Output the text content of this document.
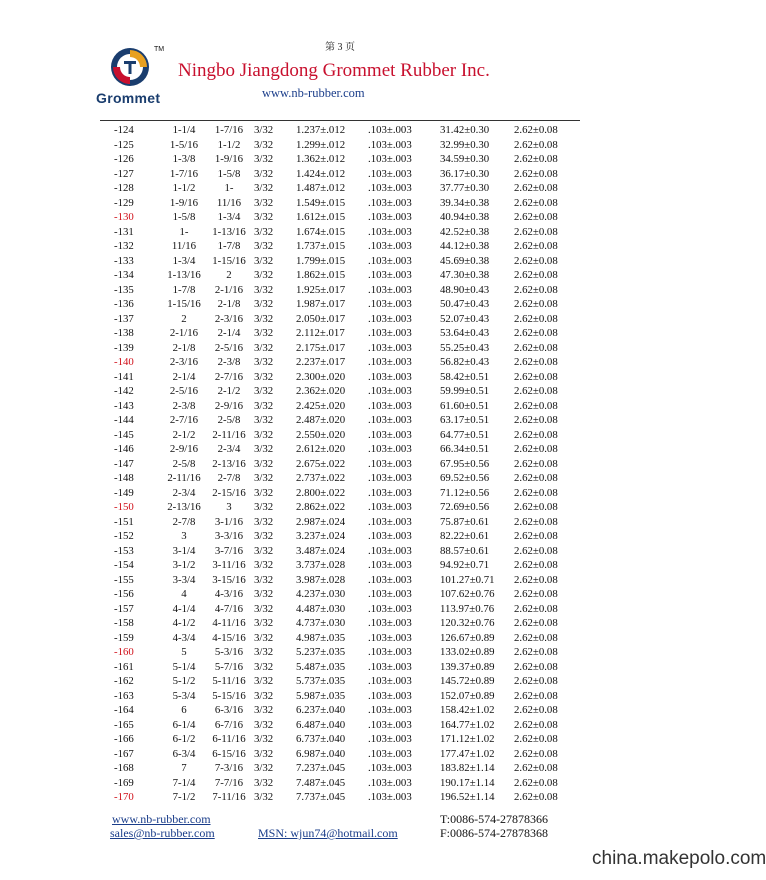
第 3 页
TM
Grommet
Ningbo Jiangdong Grommet Rubber Inc.
www.nb-rubber.com
-124	1-1/4	1-7/16	3/32 1.237±.012 .103±.003	31.42±0.30 2.62±0.08
-125	1-5/16	1-1/2	3/32 1.299±.012 .103±.003	32.99±0.30 2.62±0.08
-126	1-3/8	1-9/16	3/32 1.362±.012 .103±.003	34.59±0.30 2.62±0.08
-127	1-7/16	1-5/8	3/32 1.424±.012 .103±.003	36.17±0.30 2.62±0.08
-128	1-1/2	1-	3/32 1.487±.012 .103±.003	37.77±0.30 2.62±0.08
-129	1-9/16	11/16	3/32 1.549±.015 .103±.003	39.34±0.38 2.62±0.08
-130	1-5/8	1-3/4	3/32 1.612±.015 .103±.003	40.94±0.38 2.62±0.08
-131	1-	1-13/16 3/32 1.674±.015 .103±.003	42.52±0.38 2.62±0.08
-132	11/16	1-7/8	3/32 1.737±.015 .103±.003	44.12±0.38 2.62±0.08
-133	1-3/4	1-15/16 3/32 1.799±.015 .103±.003	45.69±0.38 2.62±0.08
-134	1-13/16	2	3/32 1.862±.015 .103±.003	47.30±0.38 2.62±0.08
-135	1-7/8	2-1/16	3/32 1.925±.017 .103±.003	48.90±0.43 2.62±0.08
-136	1-15/16	2-1/8	3/32 1.987±.017 .103±.003	50.47±0.43 2.62±0.08
-137	2	2-3/16	3/32 2.050±.017 .103±.003	52.07±0.43 2.62±0.08
-138	2-1/16	2-1/4	3/32 2.112±.017 .103±.003	53.64±0.43 2.62±0.08
-139	2-1/8	2-5/16	3/32 2.175±.017 .103±.003	55.25±0.43 2.62±0.08
-140	2-3/16	2-3/8	3/32 2.237±.017 .103±.003	56.82±0.43 2.62±0.08
-141	2-1/4	2-7/16	3/32 2.300±.020 .103±.003	58.42±0.51 2.62±0.08
-142	2-5/16	2-1/2	3/32 2.362±.020 .103±.003	59.99±0.51 2.62±0.08
-143	2-3/8	2-9/16	3/32 2.425±.020 .103±.003	61.60±0.51 2.62±0.08
-144	2-7/16	2-5/8	3/32 2.487±.020 .103±.003	63.17±0.51 2.62±0.08
-145	2-1/2	2-11/16 3/32 2.550±.020 .103±.003	64.77±0.51 2.62±0.08
-146	2-9/16	2-3/4	3/32 2.612±.020 .103±.003	66.34±0.51 2.62±0.08
-147	2-5/8	2-13/16 3/32 2.675±.022 .103±.003	67.95±0.56 2.62±0.08
-148	2-11/16	2-7/8	3/32 2.737±.022 .103±.003	69.52±0.56 2.62±0.08
-149	2-3/4	2-15/16 3/32 2.800±.022 .103±.003	71.12±0.56 2.62±0.08
-150	2-13/16	3	3/32 2.862±.022 .103±.003	72.69±0.56 2.62±0.08
-151	2-7/8	3-1/16	3/32 2.987±.024 .103±.003	75.87±0.61 2.62±0.08
-152	3	3-3/16	3/32 3.237±.024 .103±.003	82.22±0.61 2.62±0.08
-153	3-1/4	3-7/16	3/32 3.487±.024 .103±.003	88.57±0.61 2.62±0.08
-154	3-1/2	3-11/16 3/32 3.737±.028 .103±.003	94.92±0.71 2.62±0.08
-155	3-3/4	3-15/16 3/32 3.987±.028 .103±.003	101.27±0.71 2.62±0.08
-156	4	4-3/16	3/32 4.237±.030 .103±.003	107.62±0.76 2.62±0.08
-157	4-1/4	4-7/16	3/32 4.487±.030 .103±.003	113.97±0.76 2.62±0.08
-158	4-1/2	4-11/16 3/32 4.737±.030 .103±.003	120.32±0.76 2.62±0.08
-159	4-3/4	4-15/16 3/32 4.987±.035 .103±.003	126.67±0.89 2.62±0.08
-160	5	5-3/16	3/32 5.237±.035 .103±.003	133.02±0.89 2.62±0.08
-161	5-1/4	5-7/16	3/32 5.487±.035 .103±.003	139.37±0.89 2.62±0.08
-162	5-1/2	5-11/16 3/32 5.737±.035 .103±.003	145.72±0.89 2.62±0.08
-163	5-3/4	5-15/16 3/32 5.987±.035 .103±.003	152.07±0.89 2.62±0.08
-164	6	6-3/16	3/32 6.237±.040 .103±.003	158.42±1.02 2.62±0.08
-165	6-1/4	6-7/16	3/32 6.487±.040 .103±.003	164.77±1.02 2.62±0.08
-166	6-1/2	6-11/16 3/32 6.737±.040 .103±.003	171.12±1.02 2.62±0.08
-167	6-3/4	6-15/16 3/32 6.987±.040 .103±.003	177.47±1.02 2.62±0.08
-168	7	7-3/16	3/32 7.237±.045 .103±.003	183.82±1.14 2.62±0.08
-169	7-1/4	7-7/16	3/32 7.487±.045 .103±.003	190.17±1.14 2.62±0.08
-170	7-1/2	7-11/16 3/32 7.737±.045 .103±.003	196.52±1.14 2.62±0.08
www.nb-rubber.com
sales@nb-rubber.com	MSN: wjun74@hotmail.com
T:0086-574-27878366
F:0086-574-27878368
china.makepolo.com
